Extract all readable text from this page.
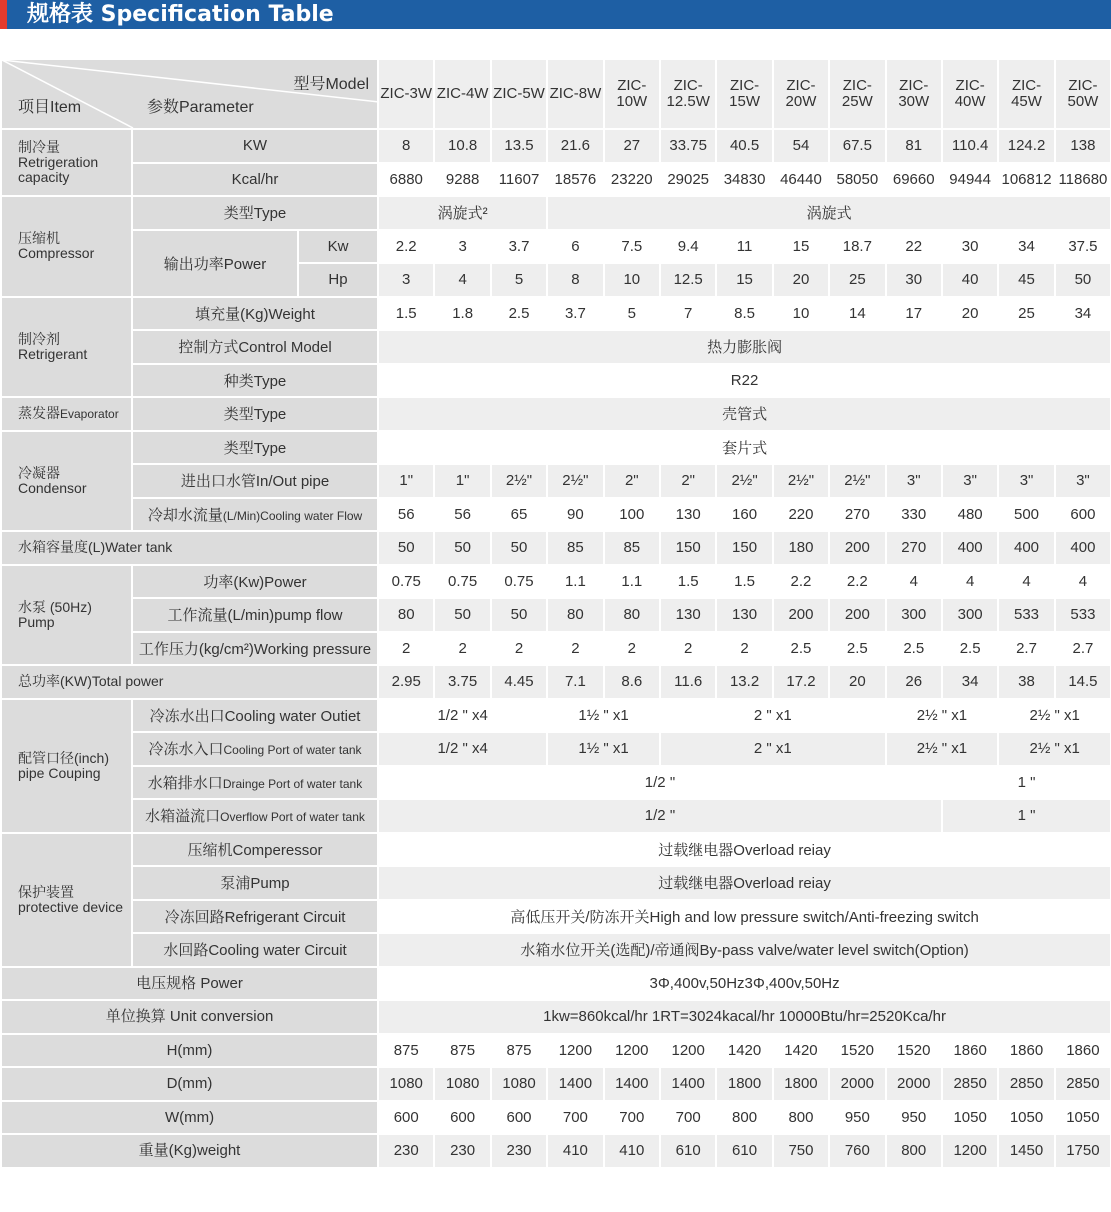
规格表 Specification Table
型号Model
参数Parameter
项目Item			ZIC-3W	ZIC-4W	ZIC-5W	ZIC-8W	ZIC-10W	ZIC-12.5W	ZIC-15W	ZIC-20W	ZIC-25W	ZIC-30W	ZIC-40W	ZIC-45W	ZIC-50W
制冷量 Retrigeration capacity	KW		8	10.8	13.5	21.6	27	33.75	40.5	54	67.5	81	110.4	124.2	138
	Kcal/hr		6880	9288	11607	18576	23220	29025	34830	46440	58050	69660	94944	106812	118680
压缩机 Compressor	类型Type		涡旋式²			涡旋式									
	输出功率Power	Kw	2.2	3	3.7	6	7.5	9.4	11	15	18.7	22	30	34	37.5
		Hp	3	4	5	8	10	12.5	15	20	25	30	40	45	50
制冷剂 Retrigerant	填充量(Kg)Weight		1.5	1.8	2.5	3.7	5	7	8.5	10	14	17	20	25	34
	控制方式Control Model		热力膨胀阀												
	种类Type		R22												
蒸发器Evaporator	类型Type		壳管式												
冷凝器 Condensor	类型Type		套片式												
	进出口水管In/Out pipe		1"	1"	2½"	2½"	2"	2"	2½"	2½"	2½"	3"	3"	3"	3"
	冷却水流量(L/Min)Cooling water Flow		56	56	65	90	100	130	160	220	270	330	480	500	600
水箱容量度(L)Water tank			50	50	50	85	85	150	150	180	200	270	400	400	400
水泵 (50Hz) Pump	功率(Kw)Power		0.75	0.75	0.75	1.1	1.1	1.5	1.5	2.2	2.2	4	4	4	4
	工作流量(L/min)pump flow		80	50	50	80	80	130	130	200	200	300	300	533	533
	工作压力(kg/cm²)Working pressure		2	2	2	2	2	2	2	2.5	2.5	2.5	2.5	2.7	2.7
总功率(KW)Total power			2.95	3.75	4.45	7.1	8.6	11.6	13.2	17.2	20	26	34	38	14.5
配管口径(inch) pipe Couping	冷冻水出口Cooling water Outiet		1/2 " x4			1½ " x1		2 " x1				2½ " x1		2½ " x1	
	冷冻水入口Cooling Port of water tank		1/2 " x4			1½ " x1		2 " x1				2½ " x1		2½ " x1	
	水箱排水口Drainge Port of water tank		1/2 "										1 "		
	水箱溢流口Overflow Port of water tank		1/2 "										1 "		
保护装置 protective device	压缩机Comperessor		过载继电器Overload reiay												
	泵浦Pump		过载继电器Overload reiay												
	冷冻回路Refrigerant Circuit		高低压开关/防冻开关High and low pressure switch/Anti-freezing switch												
	水回路Cooling water Circuit		水箱水位开关(选配)/帝通阀By-pass valve/water level switch(Option)												
电压规格 Power			3Φ,400v,50Hz3Φ,400v,50Hz												
单位换算 Unit conversion			1kw=860kcal/hr 1RT=3024kacal/hr 10000Btu/hr=2520Kca/hr												
H(mm)			875	875	875	1200	1200	1200	1420	1420	1520	1520	1860	1860	1860
D(mm)			1080	1080	1080	1400	1400	1400	1800	1800	2000	2000	2850	2850	2850
W(mm)			600	600	600	700	700	700	800	800	950	950	1050	1050	1050
重量(Kg)weight			230	230	230	410	410	610	610	750	760	800	1200	1450	1750
